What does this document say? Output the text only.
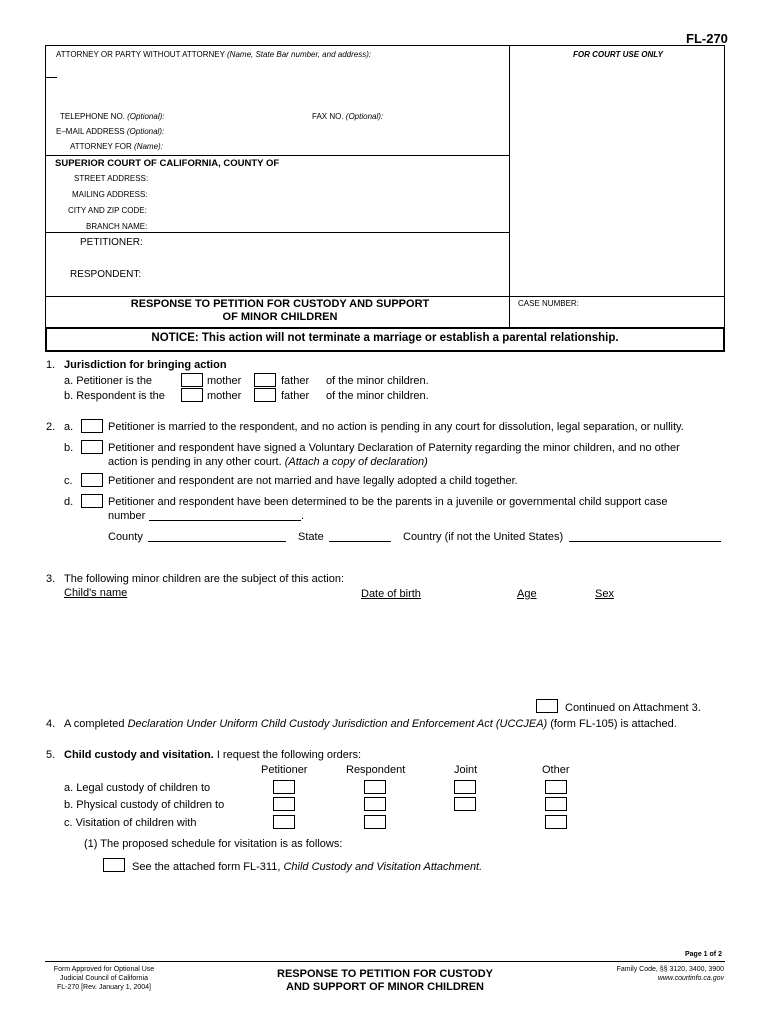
FL-270
ATTORNEY OR PARTY WITHOUT ATTORNEY (Name, State Bar number, and address):	FOR COURT USE ONLY
TELEPHONE NO. (Optional):	FAX NO. (Optional):
E–MAIL ADDRESS (Optional):
ATTORNEY FOR (Name):
SUPERIOR COURT OF CALIFORNIA, COUNTY OF
STREET ADDRESS:
MAILING ADDRESS:
CITY AND ZIP CODE:
BRANCH NAME:
PETITIONER:
RESPONDENT:
RESPONSE TO PETITION FOR CUSTODY AND SUPPORT
OF MINOR CHILDREN
CASE NUMBER:
NOTICE: This action will not terminate a marriage or establish a parental relationship.
1. Jurisdiction for bringing action
a. Petitioner is the	mother	father of the minor children.
b. Respondent is the	mother	father of the minor children.
2. a.	Petitioner is married to the respondent, and no action is pending in any court for dissolution, legal separation, or nullity.
b.	Petitioner and respondent have signed a Voluntary Declaration of Paternity regarding the minor children, and no other
action is pending in any other court. (Attach a copy of declaration)
c.	Petitioner and respondent are not married and have legally adopted a child together.
d.	Petitioner and respondent have been determined to be the parents in a juvenile or governmental child support case
number	.
County	State	Country (if not the United States)
3. The following minor children are the subject of this action:
Child's name	Date of birth	Age	Sex
Continued on Attachment 3.
4. A completed Declaration Under Uniform Child Custody Jurisdiction and Enforcement Act (UCCJEA) (form FL-105) is attached.
5. Child custody and visitation. I request the following orders:
Petitioner	Respondent	Joint	Other
a. Legal custody of children to
b. Physical custody of children to
c. Visitation of children with
(1) The proposed schedule for visitation is as follows:
See the attached form FL-311, Child Custody and Visitation Attachment.
Page 1 of 2
Form Approved for Optional Use
Judicial Council of California
FL-270 [Rev. January 1, 2004]
RESPONSE TO PETITION FOR CUSTODY
AND SUPPORT OF MINOR CHILDREN
Family Code, §§ 3120, 3400, 3900
www.courtinfo.ca.gov
